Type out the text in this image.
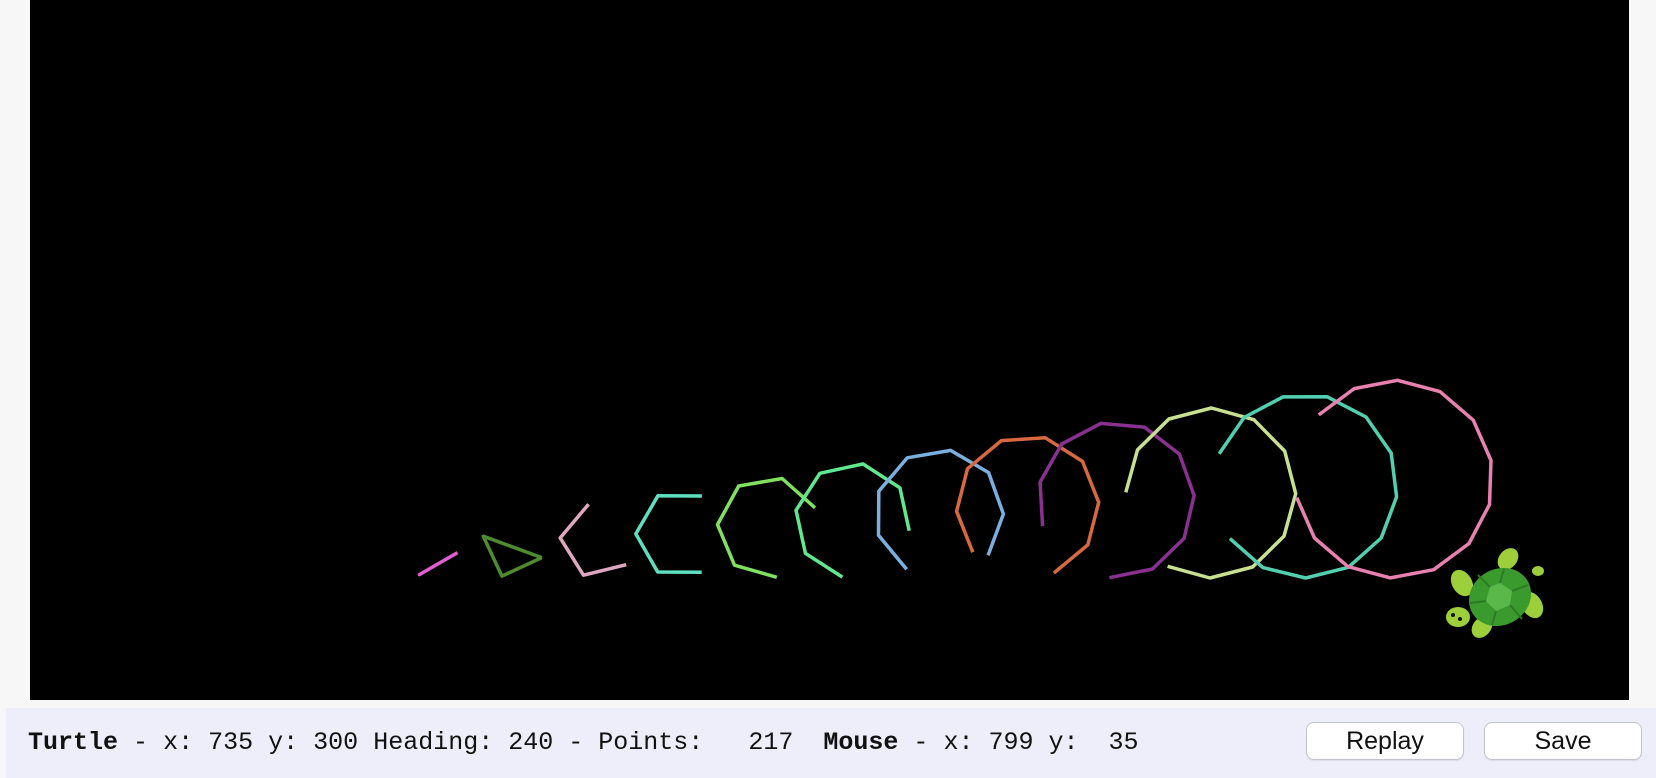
Turtle - x: 735 y: 300 Heading: 240 - Points: 217 Mouse - x: 799 y: 35	Replay	Save
